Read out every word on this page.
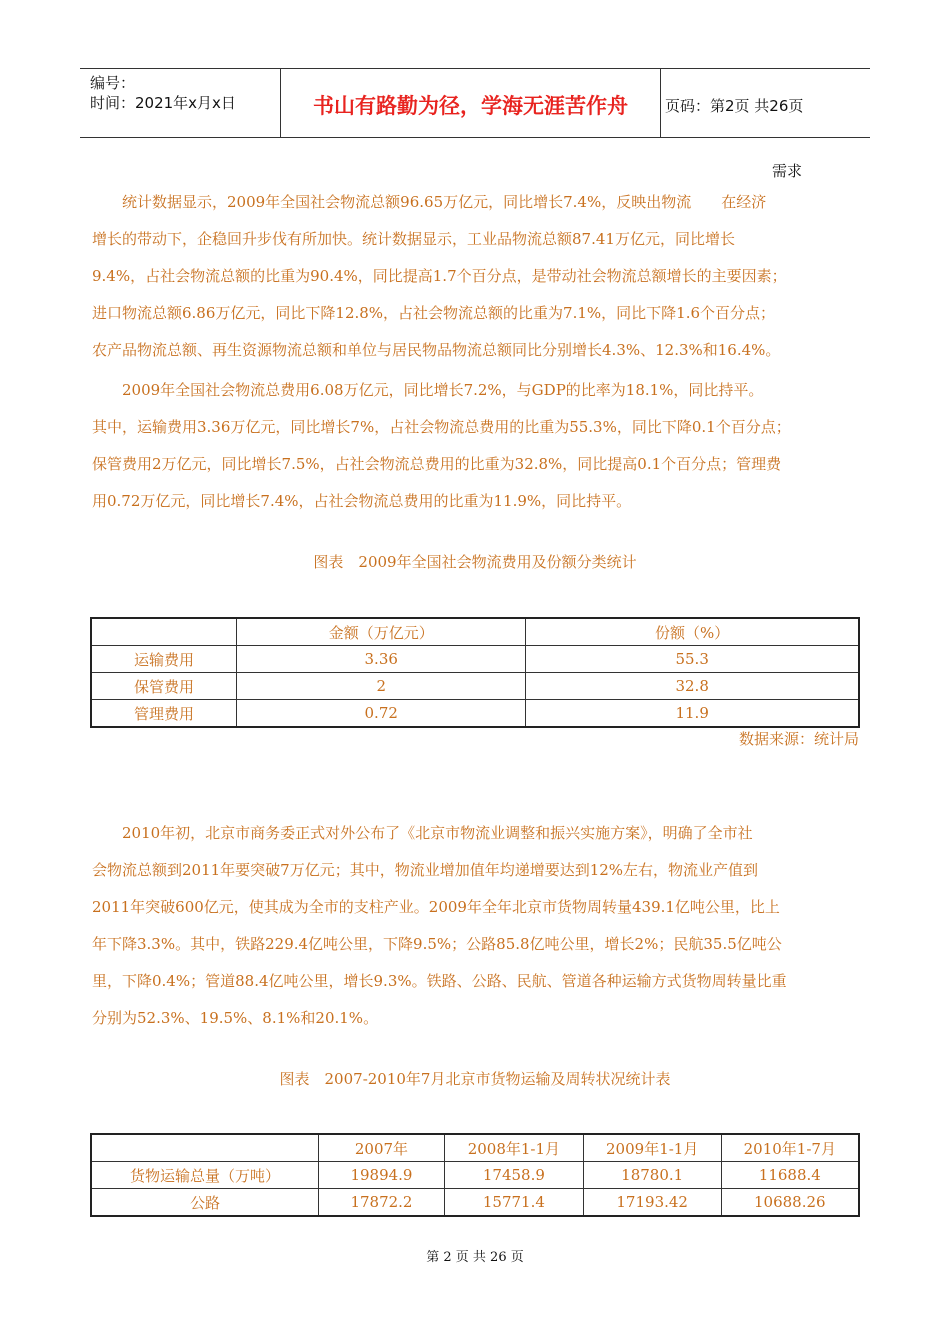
编号：
时间：2021年x月x日	书山有路勤为径，学海无涯苦作舟	页码：第2页 共26页
需求
　　统计数据显示，2009年全国社会物流总额96.65万亿元，同比增长7.4%，反映出物流　　在经济
增长的带动下，企稳回升步伐有所加快。统计数据显示，工业品物流总额87.41万亿元，同比增长
9.4%，占社会物流总额的比重为90.4%，同比提高1.7个百分点，是带动社会物流总额增长的主要因素；
进口物流总额6.86万亿元，同比下降12.8%，占社会物流总额的比重为7.1%，同比下降1.6个百分点；
农产品物流总额、再生资源物流总额和单位与居民物品物流总额同比分别增长4.3%、12.3%和16.4%。
　　2009年全国社会物流总费用6.08万亿元，同比增长7.2%，与GDP的比率为18.1%，同比持平。
其中，运输费用3.36万亿元，同比增长7%，占社会物流总费用的比重为55.3%，同比下降0.1个百分点；
保管费用2万亿元，同比增长7.5%，占社会物流总费用的比重为32.8%，同比提高0.1个百分点；管理费
用0.72万亿元，同比增长7.4%，占社会物流总费用的比重为11.9%，同比持平。
图表　2009年全国社会物流费用及份额分类统计
	金额（万亿元）	份额（%）
运输费用	3.36	55.3
保管费用	2	32.8
管理费用	0.72	11.9
数据来源：统计局
　　2010年初，北京市商务委正式对外公布了《北京市物流业调整和振兴实施方案》，明确了全市社
会物流总额到2011年要突破7万亿元；其中，物流业增加值年均递增要达到12%左右，物流业产值到
2011年突破600亿元，使其成为全市的支柱产业。2009年全年北京市货物周转量439.1亿吨公里，比上
年下降3.3%。其中，铁路229.4亿吨公里，下降9.5%；公路85.8亿吨公里，增长2%；民航35.5亿吨公
里，下降0.4%；管道88.4亿吨公里，增长9.3%。铁路、公路、民航、管道各种运输方式货物周转量比重
分别为52.3%、19.5%、8.1%和20.1%。
图表　2007-2010年7月北京市货物运输及周转状况统计表
	2007年	2008年1-1月	2009年1-1月	2010年1-7月
货物运输总量（万吨）	19894.9	17458.9	18780.1	11688.4
公路	17872.2	15771.4	17193.42	10688.26
第 2 页 共 26 页
